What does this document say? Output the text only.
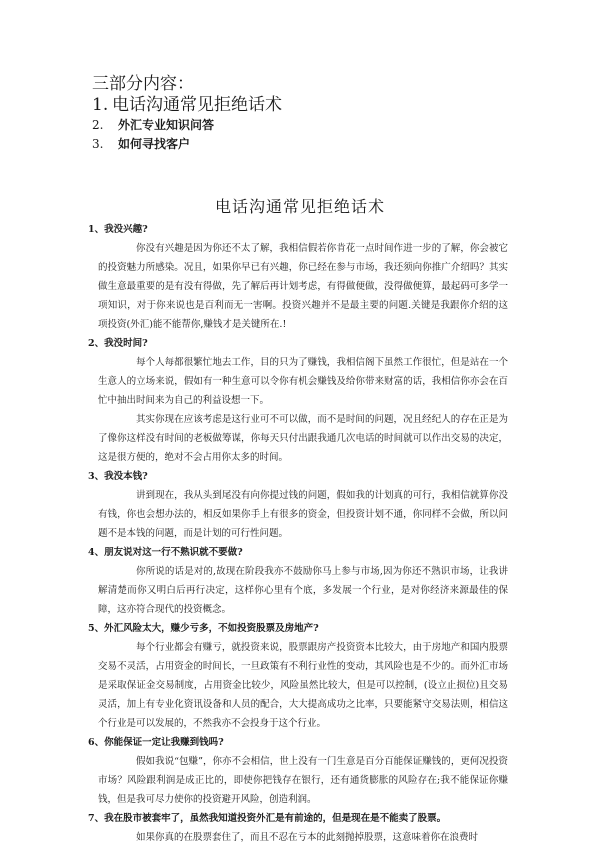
三部分内容：

1. 电话沟通常见拒绝话术

2.	外汇专业知识问答

3.	如何寻找客户

电话沟通常见拒绝话术

1、我没兴趣?

你没有兴趣是因为你还不太了解，我相信假若你肯花一点时间作进一步的了解，你会被它的投资魅力所感染。况且，如果你早已有兴趣，你已经在参与市场，我还须向你推广介绍吗？其实做生意最重要的是有没有得做，先了解后再计划考虑，有得做便做，没得做便算，最起码可多学一项知识，对于你来说也是百利而无一害啊。投资兴趣并不是最主要的问题.关键是我跟你介绍的这项投资(外汇)能不能帮你,赚钱才是关键所在.!

2、我没时间?

每个人每都很繁忙地去工作，目的只为了赚钱，我相信阁下虽然工作很忙，但是站在一个生意人的立场来说，假如有一种生意可以令你有机会赚钱及给你带来财富的话，我相信你亦会在百忙中抽出时间来为自己的利益设想一下。

其实你现在应该考虑是这行业可不可以做，而不是时间的问题，况且经纪人的存在正是为了像你这样没有时间的老板做筹谋，你每天只付出跟我通几次电话的时间就可以作出交易的决定，这是很方便的，绝对不会占用你太多的时间。

3、我没本钱?

讲到现在，我从头到尾没有向你提过钱的问题，假如我的计划真的可行，我相信就算你没有钱，你也会想办法的，相反如果你手上有很多的资金，但投资计划不通，你同样不会做，所以问题不是本钱的问题，而是计划的可行性问题。

4、朋友说对这一行不熟识就不要做?

你所说的话是对的,故现在阶段我亦不鼓励你马上参与市场,因为你还不熟识市场，让我讲解清楚而你又明白后再行决定，这样你心里有个底，多发展一个行业，是对你经济来源最佳的保障，这亦符合现代的投资概念。

5、外汇风险太大，赚少亏多，不如投资股票及房地产?

每个行业都会有赚亏，就投资来说，股票跟房产投资资本比较大，由于房地产和国内股票交易不灵活，占用资金的时间长，一旦政策有不利行业性的变动，其风险也是不少的。而外汇市场是采取保证金交易制度，占用资金比较少，风险虽然比较大，但是可以控制，(设立止损位)且交易灵活，加上有专业化资讯设备和人员的配合，大大提高成功之比率，只要能紧守交易法则，相信这个行业是可以发展的，不然我亦不会投身于这个行业。

6、你能保证一定让我赚到钱吗?

假如我说“包赚”，你亦不会相信，世上没有一门生意是百分百能保证赚钱的，更何况投资市场？风险跟利润是成正比的，即使你把钱存在银行，还有通货膨胀的风险存在;我不能保证你赚钱，但是我可尽力使你的投资避开风险，创造利润。

7、我在股市被套牢了，虽然我知道投资外汇是有前途的，但是现在是不能卖了股票。

如果你真的在股票套住了，而且不忍在亏本的此刻抛掉股票，这意味着你在浪费时
